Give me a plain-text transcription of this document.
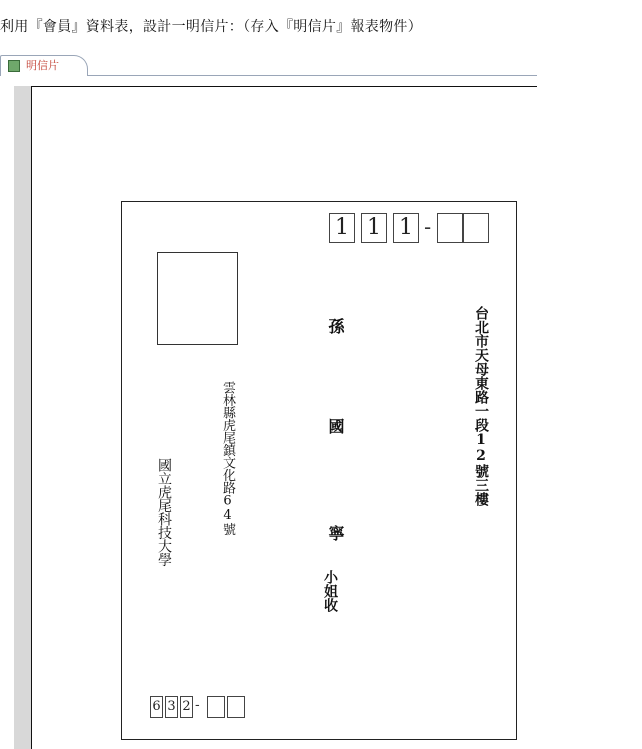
利用『會員』資料表，設計一明信片：（存入『明信片』報表物件）
明信片
1 1 1 -
台北市天母東路一段12號三樓
孫
國
寧
小姐收
雲林縣虎尾鎮文化路64號
國立虎尾科技大學
6 3 2 -
